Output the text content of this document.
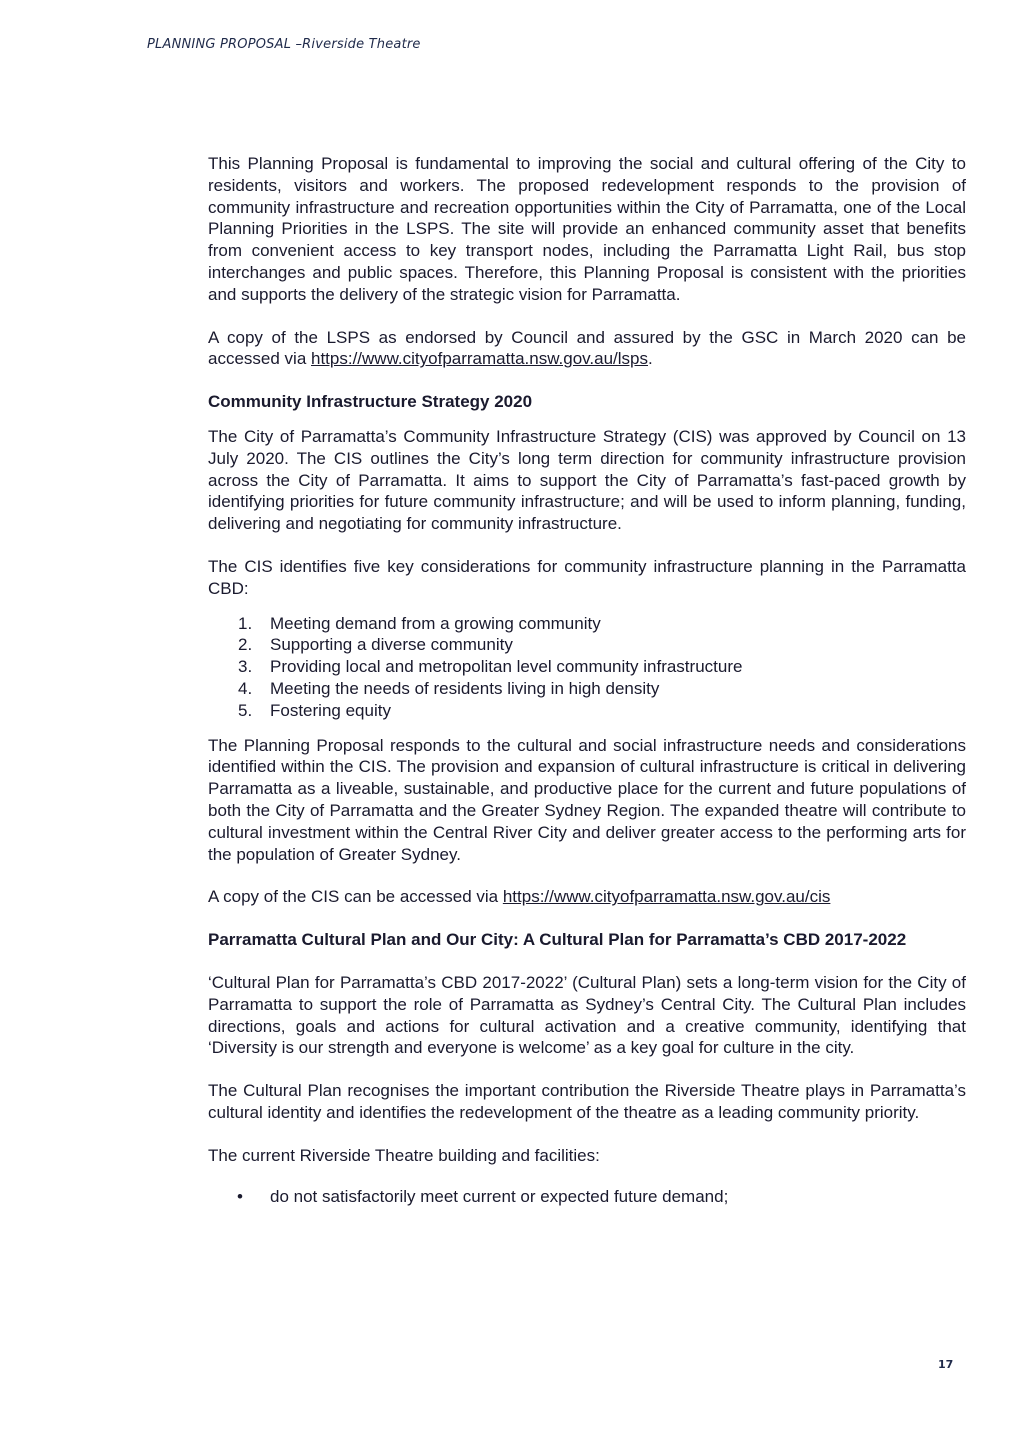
PLANNING PROPOSAL –Riverside Theatre

This Planning Proposal is fundamental to improving the social and cultural offering of the City to residents, visitors and workers. The proposed redevelopment responds to the provision of community infrastructure and recreation opportunities within the City of Parramatta, one of the Local Planning Priorities in the LSPS. The site will provide an enhanced community asset that benefits from convenient access to key transport nodes, including the Parramatta Light Rail, bus stop interchanges and public spaces. Therefore, this Planning Proposal is consistent with the priorities and supports the delivery of the strategic vision for Parramatta.

A copy of the LSPS as endorsed by Council and assured by the GSC in March 2020 can be accessed via https://www.cityofparramatta.nsw.gov.au/lsps.

Community Infrastructure Strategy 2020

The City of Parramatta’s Community Infrastructure Strategy (CIS) was approved by Council on 13 July 2020. The CIS outlines the City’s long term direction for community infrastructure provision across the City of Parramatta. It aims to support the City of Parramatta’s fast-paced growth by identifying priorities for future community infrastructure; and will be used to inform planning, funding, delivering and negotiating for community infrastructure.

The CIS identifies five key considerations for community infrastructure planning in the Parramatta CBD:

1. Meeting demand from a growing community
2. Supporting a diverse community
3. Providing local and metropolitan level community infrastructure
4. Meeting the needs of residents living in high density
5. Fostering equity

The Planning Proposal responds to the cultural and social infrastructure needs and considerations identified within the CIS. The provision and expansion of cultural infrastructure is critical in delivering Parramatta as a liveable, sustainable, and productive place for the current and future populations of both the City of Parramatta and the Greater Sydney Region. The expanded theatre will contribute to cultural investment within the Central River City and deliver greater access to the performing arts for the population of Greater Sydney.

A copy of the CIS can be accessed via https://www.cityofparramatta.nsw.gov.au/cis

Parramatta Cultural Plan and Our City: A Cultural Plan for Parramatta’s CBD 2017-2022

‘Cultural Plan for Parramatta’s CBD 2017-2022’ (Cultural Plan) sets a long-term vision for the City of Parramatta to support the role of Parramatta as Sydney’s Central City. The Cultural Plan includes directions, goals and actions for cultural activation and a creative community, identifying that ‘Diversity is our strength and everyone is welcome’ as a key goal for culture in the city.

The Cultural Plan recognises the important contribution the Riverside Theatre plays in Parramatta’s cultural identity and identifies the redevelopment of the theatre as a leading community priority.

The current Riverside Theatre building and facilities:

• do not satisfactorily meet current or expected future demand;
17
